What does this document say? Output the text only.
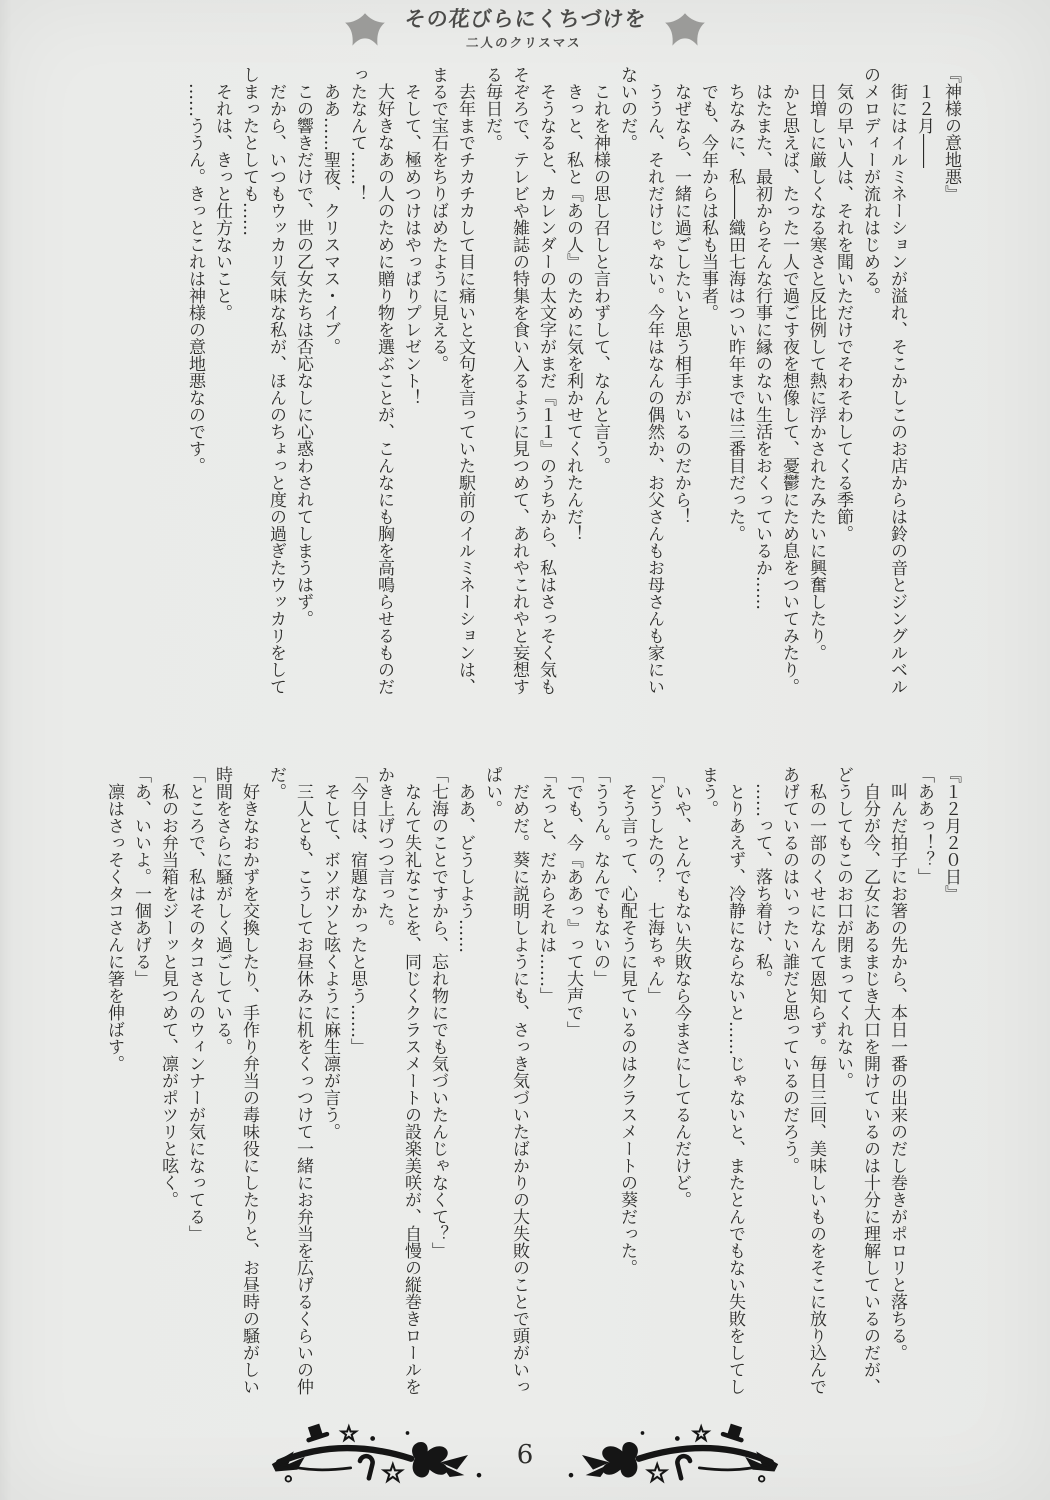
その花びらにくちづけを
二人のクリスマス

『神様の意地悪』

　１２月――

　街にはイルミネーションが溢れ、そこかしこのお店からは鈴の音とジングルベルのメロディーが流れはじめる。

　気の早い人は、それを聞いただけでそわそわしてくる季節。

　日増しに厳しくなる寒さと反比例して熱に浮かされたみたいに興奮したり。

　かと思えば、たった一人で過ごす夜を想像して、憂鬱にため息をついてみたり。

　はたまた、最初からそんな行事に縁のない生活をおくっているか……

　ちなみに、私――織田七海はつい昨年までは三番目だった。

　でも、今年からは私も当事者。

　なぜなら、一緒に過ごしたいと思う相手がいるのだから！

　ううん、それだけじゃない。今年はなんの偶然か、お父さんもお母さんも家にいないのだ。

　これを神様の思し召しと言わずして、なんと言う。

　きっと、私と『あの人』のために気を利かせてくれたんだ！

　そうなると、カレンダーの太文字がまだ『１１』のうちから、私はさっそく気もそぞろで、テレビや雑誌の特集を食い入るように見つめて、あれやこれやと妄想する毎日だ。

　去年までチカチカして目に痛いと文句を言っていた駅前のイルミネーションは、まるで宝石をちりばめたように見える。

　そして、極めつけはやっぱりプレゼント！

　大好きなあの人のために贈り物を選ぶことが、こんなにも胸を高鳴らせるものだったなんて……！

　ああ……聖夜、クリスマス・イブ。

　この響きだけで、世の乙女たちは否応なしに心惑わされてしまうはず。

　だから、いつもウッカリ気味な私が、ほんのちょっと度の過ぎたウッカリをしてしまったとしても……

　それは、きっと仕方ないこと。

　……ううん。きっとこれは神様の意地悪なのです。

『１２月２０日』

「ああっ！？」

　叫んだ拍子にお箸の先から、本日一番の出来のだし巻きがポロリと落ちる。

　自分が今、乙女にあるまじき大口を開けているのは十分に理解しているのだが、どうしてもこのお口が閉まってくれない。

　私の一部のくせになんて恩知らず。毎日三回、美味しいものをそこに放り込んであげているのはいったい誰だと思っているのだろう。

　……って、落ち着け、私。

　とりあえず、冷静にならないと……じゃないと、またとんでもない失敗をしてしまう。

　いや、とんでもない失敗なら今まさにしてるんだけど。

「どうしたの？　七海ちゃん」

　そう言って、心配そうに見ているのはクラスメートの葵だった。

「ううん。なんでもないの」

「でも、今『ああっ』って大声で」

「えっと、だからそれは……」

　だめだ。葵に説明しようにも、さっき気づいたばかりの大失敗のことで頭がいっぱい。

　ああ、どうしよう……

「七海のことですから、忘れ物にでも気づいたんじゃなくて？」

　なんて失礼なことを、同じくクラスメートの設楽美咲が、自慢の縦巻きロールをかき上げつつ言った。

「今日は、宿題なかったと思う……」

　そして、ボソボソと呟くように麻生凛が言う。

　三人とも、こうしてお昼休みに机をくっつけて一緒にお弁当を広げるくらいの仲だ。

　好きなおかずを交換したり、手作り弁当の毒味役にしたりと、お昼時の騒がしい時間をさらに騒がしく過ごしている。

「ところで、私はそのタコさんのウィンナーが気になってる」

　私のお弁当箱をジーッと見つめて、凛がポツリと呟く。

「あ、いいよ。一個あげる」

　凛はさっそくタコさんに箸を伸ばす。

6
